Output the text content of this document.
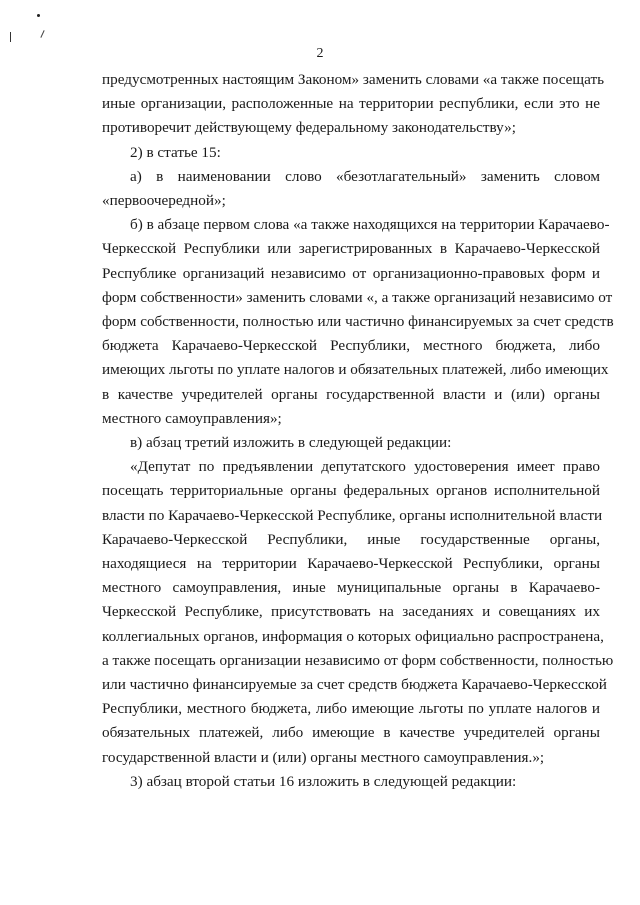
2

предусмотренных настоящим Законом» заменить словами «а также посещать
иные организации, расположенные на территории республики, если это не
противоречит действующему федеральному законодательству»;

2) в статье 15:

а) в наименовании слово «безотлагательный» заменить словом
«первоочередной»;

б) в абзаце первом слова «а также находящихся на территории Карачаево-
Черкесской Республики или зарегистрированных в Карачаево-Черкесской
Республике организаций независимо от организационно-правовых форм и
форм собственности» заменить словами «, а также организаций независимо от
форм собственности, полностью или частично финансируемых за счет средств
бюджета Карачаево-Черкесской Республики, местного бюджета, либо
имеющих льготы по уплате налогов и обязательных платежей, либо имеющих
в качестве учредителей органы государственной власти и (или) органы
местного самоуправления»;

в) абзац третий изложить в следующей редакции:

«Депутат по предъявлении депутатского удостоверения имеет право
посещать территориальные органы федеральных органов исполнительной
власти по Карачаево-Черкесской Республике, органы исполнительной власти
Карачаево-Черкесской Республики, иные государственные органы,
находящиеся на территории Карачаево-Черкесской Республики, органы
местного самоуправления, иные муниципальные органы в Карачаево-
Черкесской Республике, присутствовать на заседаниях и совещаниях их
коллегиальных органов, информация о которых официально распространена,
а также посещать организации независимо от форм собственности, полностью
или частично финансируемые за счет средств бюджета Карачаево-Черкесской
Республики, местного бюджета, либо имеющие льготы по уплате налогов и
обязательных платежей, либо имеющие в качестве учредителей органы
государственной власти и (или) органы местного самоуправления.»;

3) абзац второй статьи 16 изложить в следующей редакции:
